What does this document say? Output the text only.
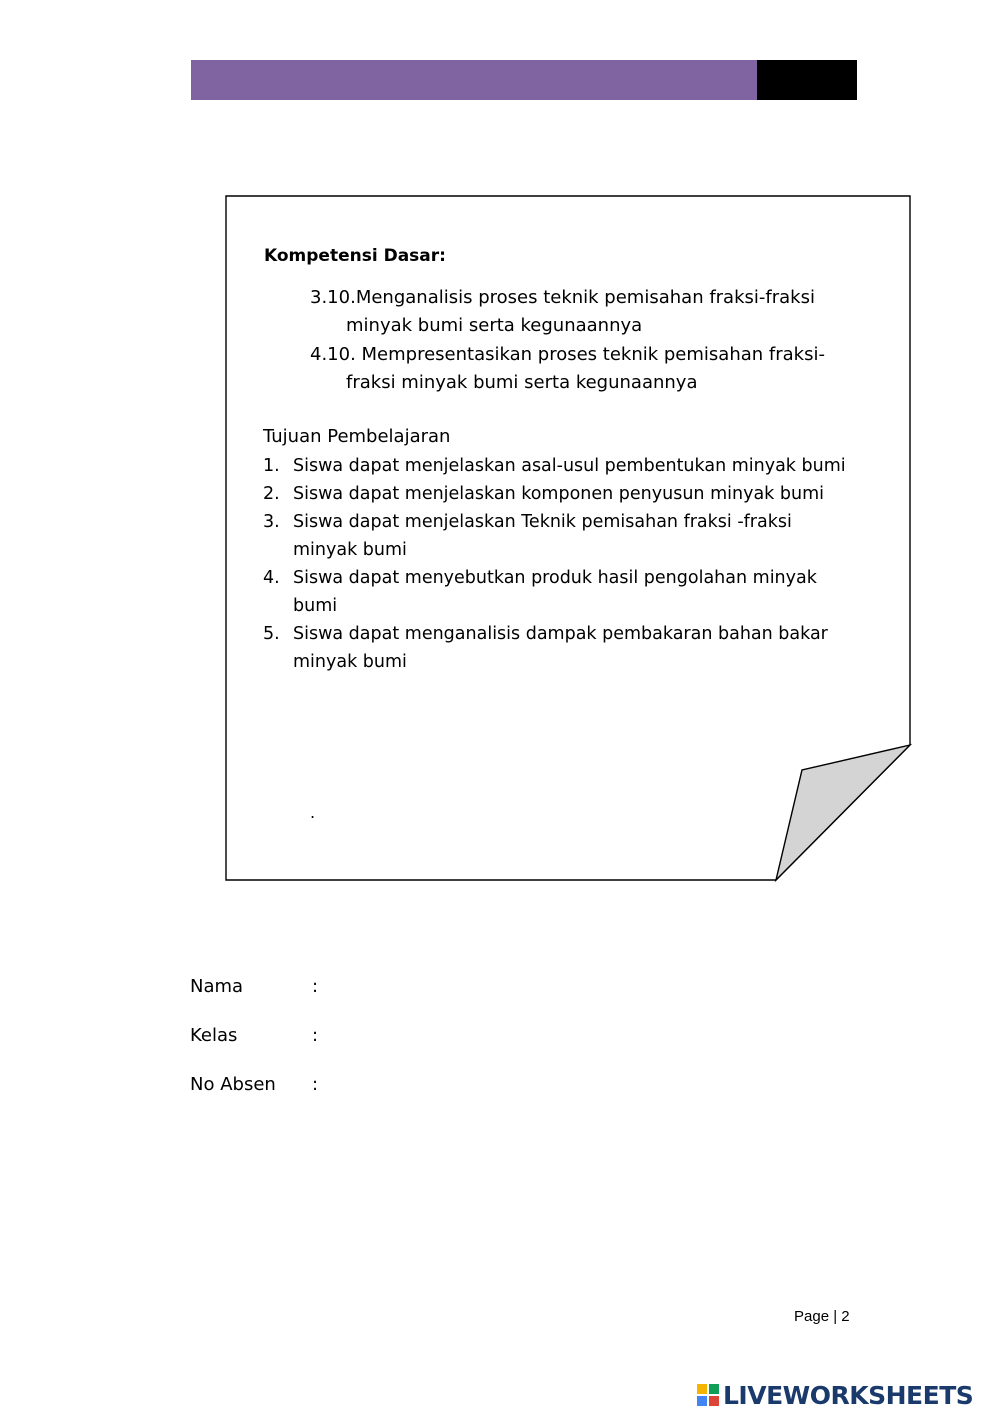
Kompetensi Dasar:
3.10.Menganalisis proses teknik pemisahan fraksi-fraksi
minyak bumi serta kegunaannya
4.10. Mempresentasikan proses teknik pemisahan fraksi-
fraksi minyak bumi serta kegunaannya
Tujuan Pembelajaran
1. Siswa dapat menjelaskan asal-usul pembentukan minyak bumi
2. Siswa dapat menjelaskan komponen penyusun minyak bumi
3. Siswa dapat menjelaskan Teknik pemisahan fraksi -fraksi minyak bumi
4. Siswa dapat menyebutkan produk hasil pengolahan minyak bumi
5. Siswa dapat menganalisis dampak pembakaran bahan bakar minyak bumi
.
Nama	:
Kelas	:
No Absen :
Page | 2
LIVEWORKSHEETS
